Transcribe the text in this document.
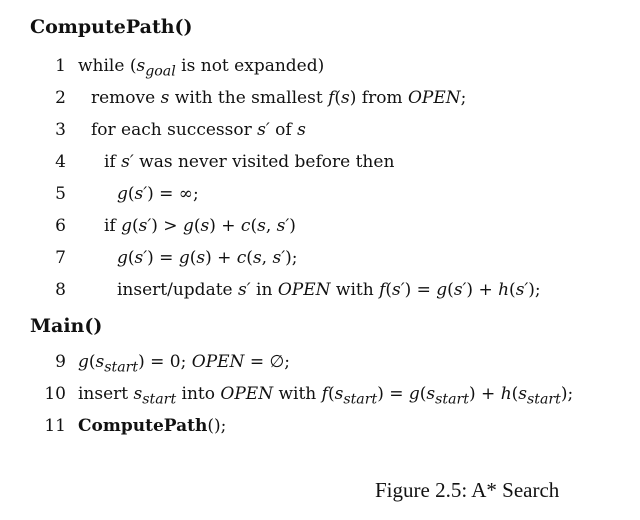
ComputePath()
1 while ($s_{goal}$ is not expanded)
2 remove s with the smallest f(s) from OPEN;
3 for each successor s′ of s
4 if s′ was never visited before then
5	g(s′) = ∞;
6 if g(s′) > g(s) + c(s, s′)
7	g(s′) = g(s) + c(s, s′);
8	insert/update s′ in OPEN with f(s′) = g(s′) + h(s′);
Main()
9 $g(s_{start}) = 0$; OPEN = ∅;
10 insert $s_{start}$ into OPEN with $f(s_{start}) = g(s_{start}) + h(s_{start})$;
11 ComputePath();
Figure 2.5: A* Search
